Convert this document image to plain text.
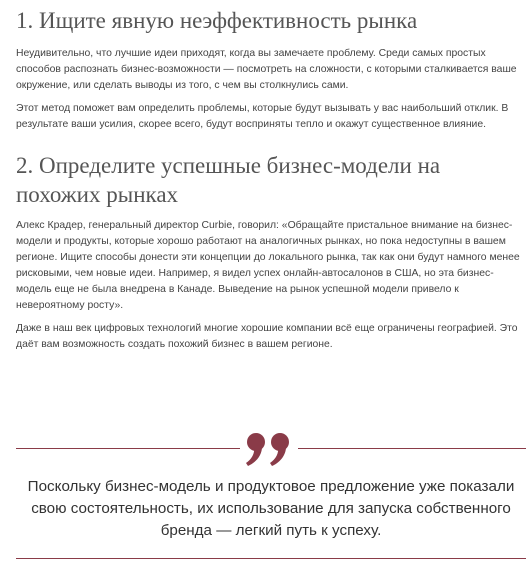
1. Ищите явную неэффективность рынка

Неудивительно, что лучшие идеи приходят, когда вы замечаете проблему. Среди самых простых способов распознать бизнес-возможности — посмотреть на сложности, с которыми сталкивается ваше окружение, или сделать выводы из того, с чем вы столкнулись сами.

Этот метод поможет вам определить проблемы, которые будут вызывать у вас наибольший отклик. В результате ваши усилия, скорее всего, будут восприняты тепло и окажут существенное влияние.

2. Определите успешные бизнес-модели на похожих рынках

Алекс Крадер, генеральный директор Curbie, говорил: «Обращайте пристальное внимание на бизнес-модели и продукты, которые хорошо работают на аналогичных рынках, но пока недоступны в вашем регионе. Ищите способы донести эти концепции до локального рынка, так как они будут намного менее рисковыми, чем новые идеи. Например, я видел успех онлайн-автосалонов в США, но эта бизнес-модель еще не была внедрена в Канаде. Выведение на рынок успешной модели привело к невероятному росту».

Даже в наш век цифровых технологий многие хорошие компании всё еще ограничены географией. Это даёт вам возможность создать похожий бизнес в вашем регионе.

Поскольку бизнес-модель и продуктовое предложение уже показали свою состоятельность, их использование для запуска собственного бренда — легкий путь к успеху.
